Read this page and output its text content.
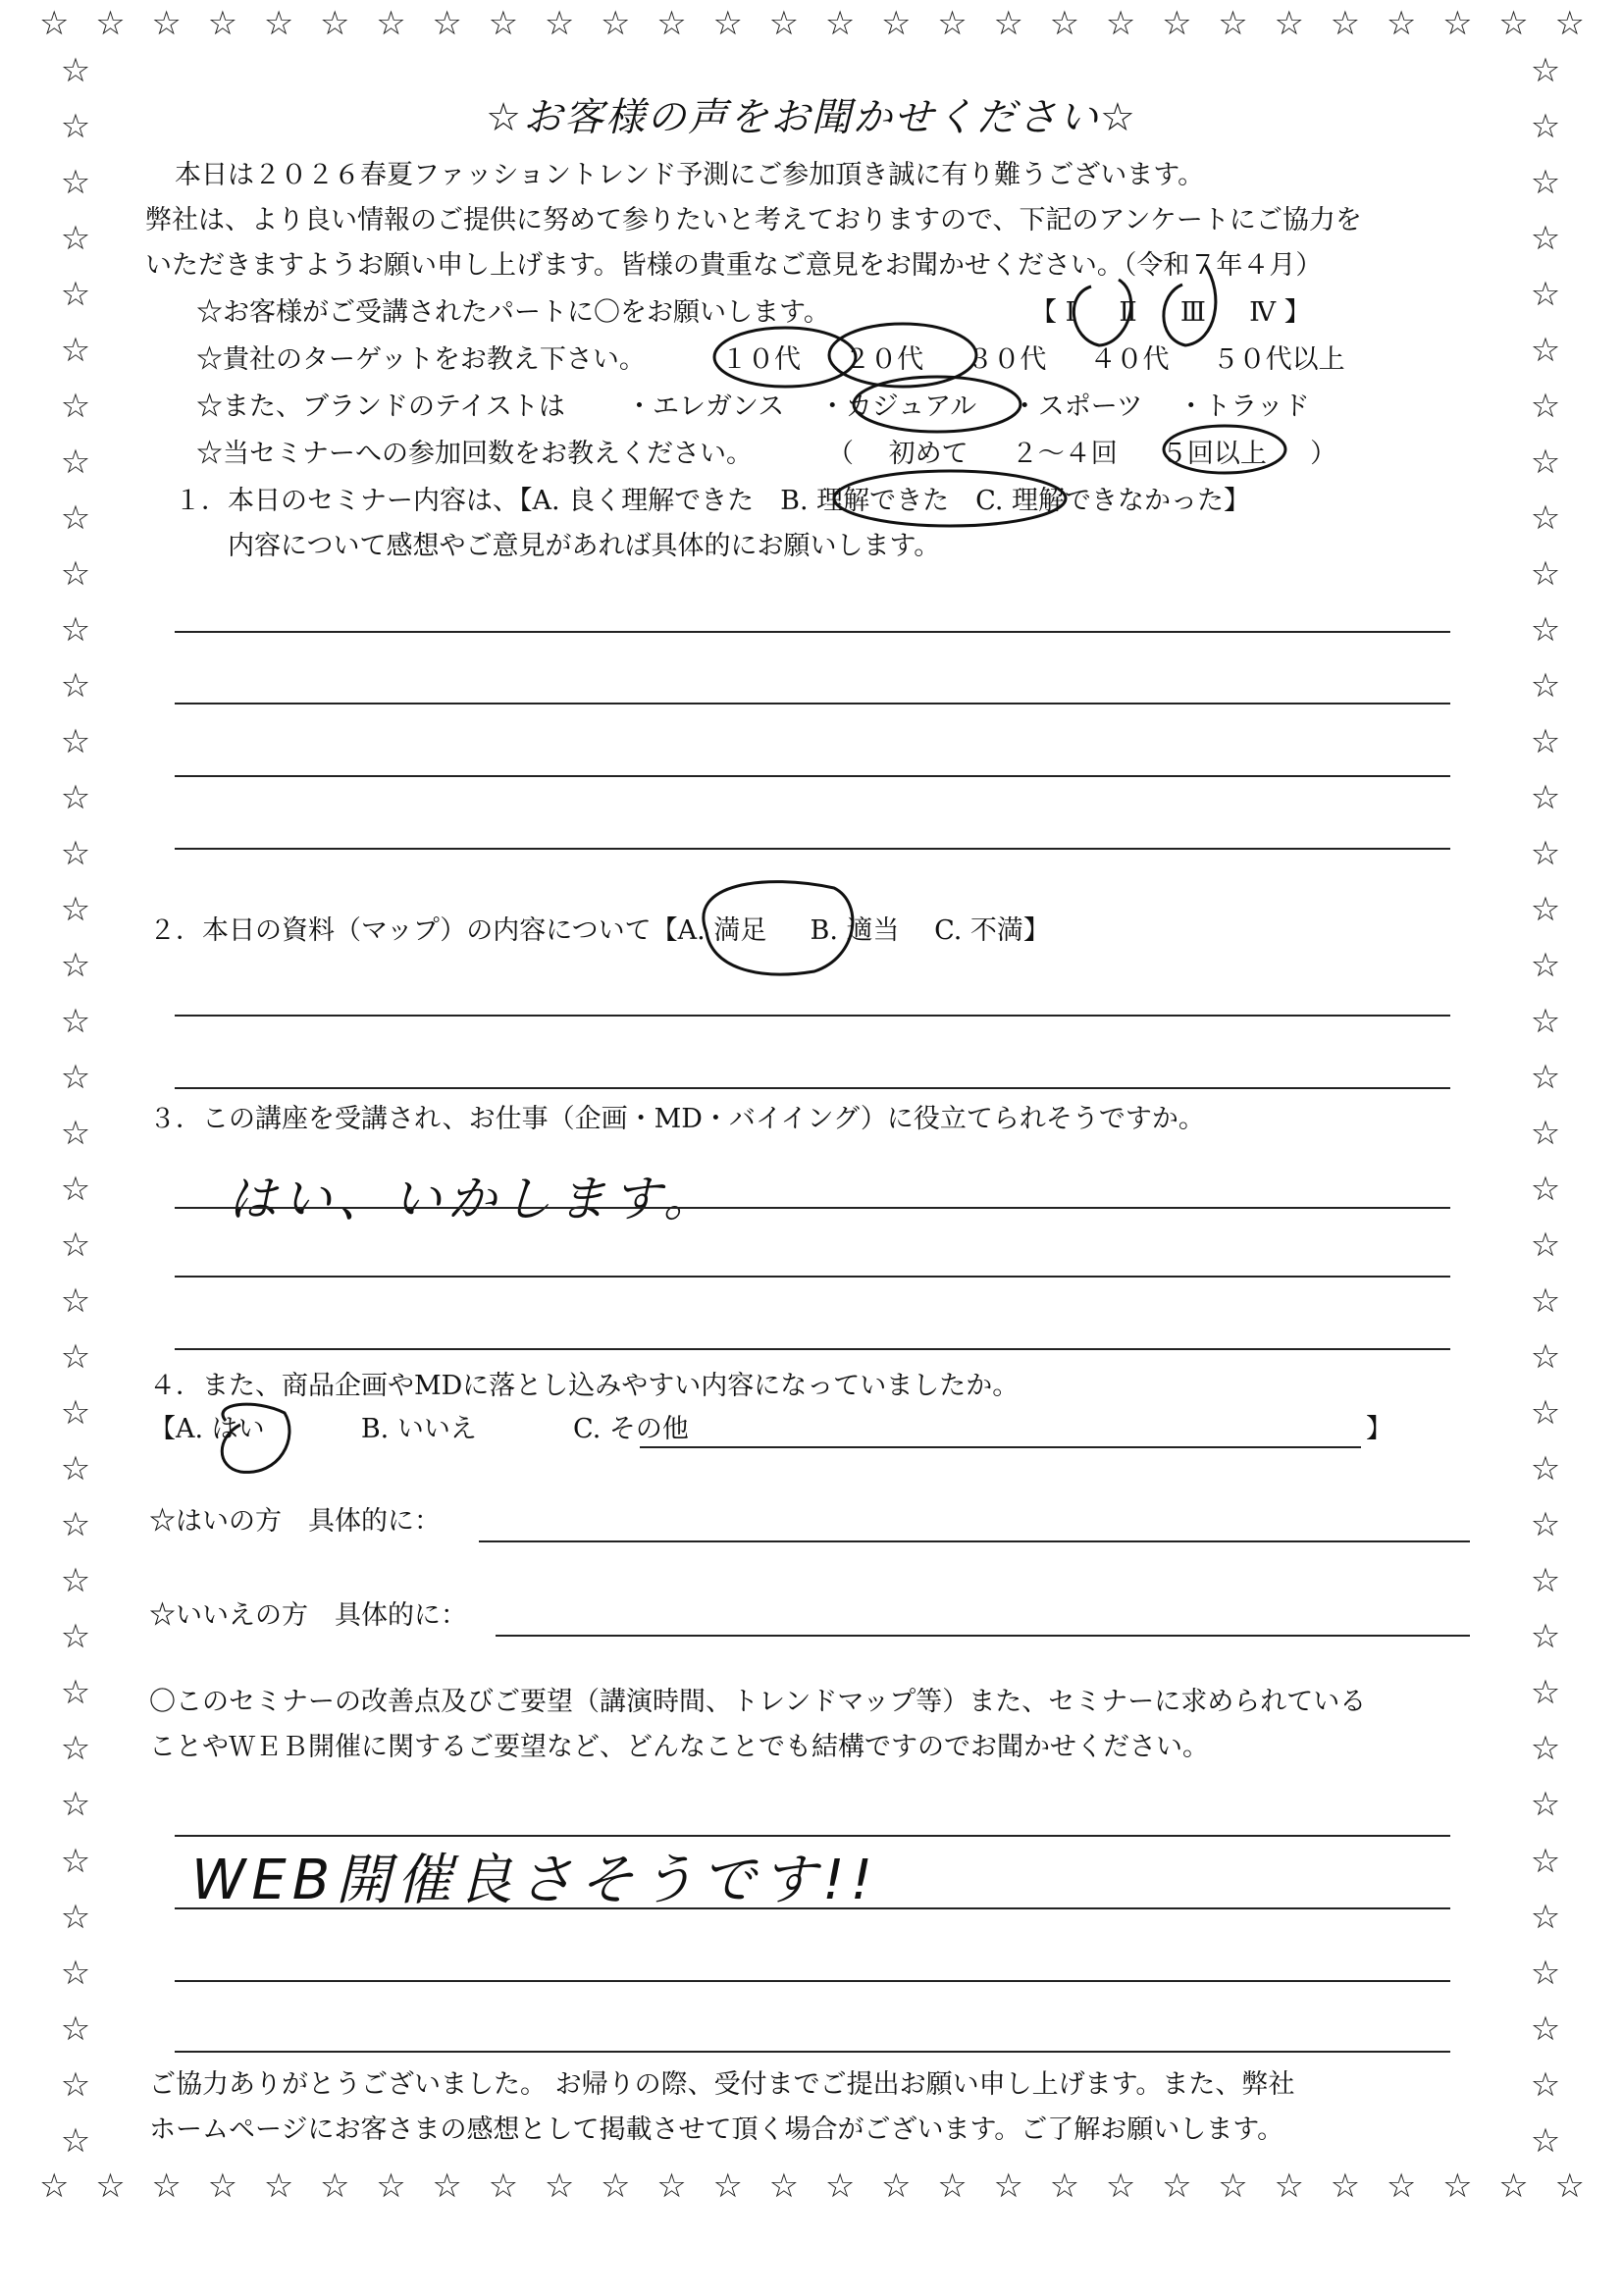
☆ ☆ ☆ ☆ ☆ ☆ ☆ ☆ ☆ ☆ ☆ ☆ ☆ ☆ ☆ ☆ ☆ ☆ ☆ ☆ ☆ ☆ ☆ ☆ ☆ ☆ ☆ ☆
☆ ☆ ☆ ☆ ☆ ☆ ☆ ☆ ☆ ☆ ☆ ☆ ☆ ☆ ☆ ☆ ☆ ☆ ☆ ☆ ☆ ☆ ☆ ☆ ☆ ☆ ☆ ☆
☆
☆
☆
☆
☆
☆
☆
☆
☆
☆
☆
☆
☆
☆
☆
☆
☆
☆
☆
☆
☆
☆
☆
☆
☆
☆
☆
☆
☆
☆
☆
☆
☆
☆
☆
☆
☆
☆
☆
☆
☆
☆
☆
☆
☆
☆
☆
☆
☆
☆
☆
☆
☆
☆
☆
☆
☆
☆
☆
☆
☆
☆
☆
☆
☆
☆
☆
☆
☆
☆
☆
☆
☆
☆
☆
☆
☆お客様の声をお聞かせください☆
本日は２０２６春夏ファッショントレンド予測にご参加頂き誠に有り難うございます。
弊社は、より良い情報のご提供に努めて参りたいと考えておりますので、下記のアンケートにご協力を
いただきますようお願い申し上げます。皆様の貴重なご意見をお聞かせください。（令和７年４月）
☆お客様がご受講されたパートに〇をお願いします。	【 Ⅰ 　 Ⅱ 　 Ⅲ 　 Ⅳ 】
☆貴社のターゲットをお教え下さい。	１０代 　 ２０代 　 ３０代 　 ４０代 　 ５０代以上
☆また、ブランドのテイストは ・エレガンス 　・カジュアル 　・スポーツ 　・トラッド
☆当セミナーへの参加回数をお教えください。	（ 　初めて 　 ２～４回 　 ５回以上 　 ）
１．本日のセミナー内容は、【A. 良く理解できた　B. 理解できた　C. 理解できなかった】
内容について感想やご意見があれば具体的にお願いします。
２．本日の資料（マップ）の内容について【A. 満足 　 B. 適当　 C. 不満】
３．この講座を受講され、お仕事（企画・MD・バイイング）に役立てられそうですか。
はい、いかします。
４．また、商品企画やMDに落とし込みやすい内容になっていましたか。
【A. はい 　　　 B. いいえ 　　　 C. その他	】
☆はいの方　具体的に：
☆いいえの方　具体的に：
〇このセミナーの改善点及びご要望（講演時間、トレンドマップ等）また、セミナーに求められている
ことやＷＥＢ開催に関するご要望など、どんなことでも結構ですのでお聞かせください。
WEB開催良さそうです!!
ご協力ありがとうございました。 お帰りの際、受付までご提出お願い申し上げます。また、弊社
ホームページにお客さまの感想として掲載させて頂く場合がございます。ご了解お願いします。
